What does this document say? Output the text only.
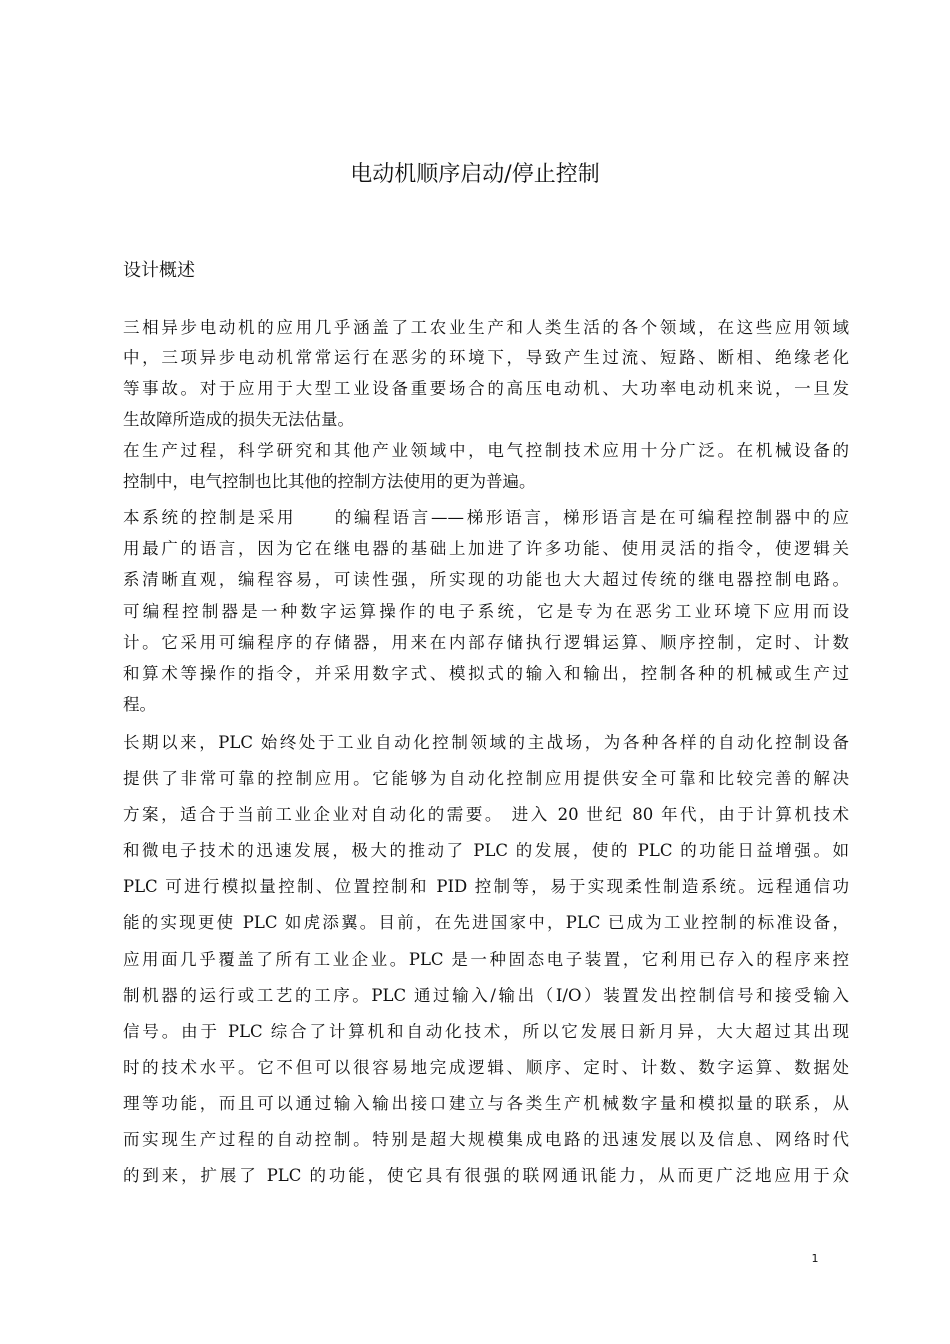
电动机顺序启动/停止控制
设计概述
三相异步电动机的应用几乎涵盖了工农业生产和人类生活的各个领域，在这些应用领域
中，三项异步电动机常常运行在恶劣的环境下，导致产生过流、短路、断相、绝缘老化
等事故。对于应用于大型工业设备重要场合的高压电动机、大功率电动机来说，一旦发
生故障所造成的损失无法估量。
在生产过程，科学研究和其他产业领域中，电气控制技术应用十分广泛。在机械设备的
控制中，电气控制也比其他的控制方法使用的更为普遍。
本系统的控制是采用　　的编程语言——梯形语言，梯形语言是在可编程控制器中的应
用最广的语言，因为它在继电器的基础上加进了许多功能、使用灵活的指令，使逻辑关
系清晰直观，编程容易，可读性强，所实现的功能也大大超过传统的继电器控制电路。
可编程控制器是一种数字运算操作的电子系统，它是专为在恶劣工业环境下应用而设
计。它采用可编程序的存储器，用来在内部存储执行逻辑运算、顺序控制，定时、计数
和算术等操作的指令，并采用数字式、模拟式的输入和输出，控制各种的机械或生产过
程。
长期以来，PLC 始终处于工业自动化控制领域的主战场，为各种各样的自动化控制设备
提供了非常可靠的控制应用。它能够为自动化控制应用提供安全可靠和比较完善的解决
方案，适合于当前工业企业对自动化的需要。 进入 20 世纪 80 年代，由于计算机技术
和微电子技术的迅速发展，极大的推动了 PLC 的发展，使的 PLC 的功能日益增强。如
PLC 可进行模拟量控制、位置控制和 PID 控制等，易于实现柔性制造系统。远程通信功
能的实现更使 PLC 如虎添翼。目前，在先进国家中，PLC 已成为工业控制的标准设备，
应用面几乎覆盖了所有工业企业。PLC 是一种固态电子装置，它利用已存入的程序来控
制机器的运行或工艺的工序。PLC 通过输入/输出（I/O）装置发出控制信号和接受输入
信号。由于 PLC 综合了计算机和自动化技术，所以它发展日新月异，大大超过其出现
时的技术水平。它不但可以很容易地完成逻辑、顺序、定时、计数、数字运算、数据处
理等功能，而且可以通过输入输出接口建立与各类生产机械数字量和模拟量的联系，从
而实现生产过程的自动控制。特别是超大规模集成电路的迅速发展以及信息、网络时代
的到来，扩展了 PLC 的功能，使它具有很强的联网通讯能力，从而更广泛地应用于众
1
